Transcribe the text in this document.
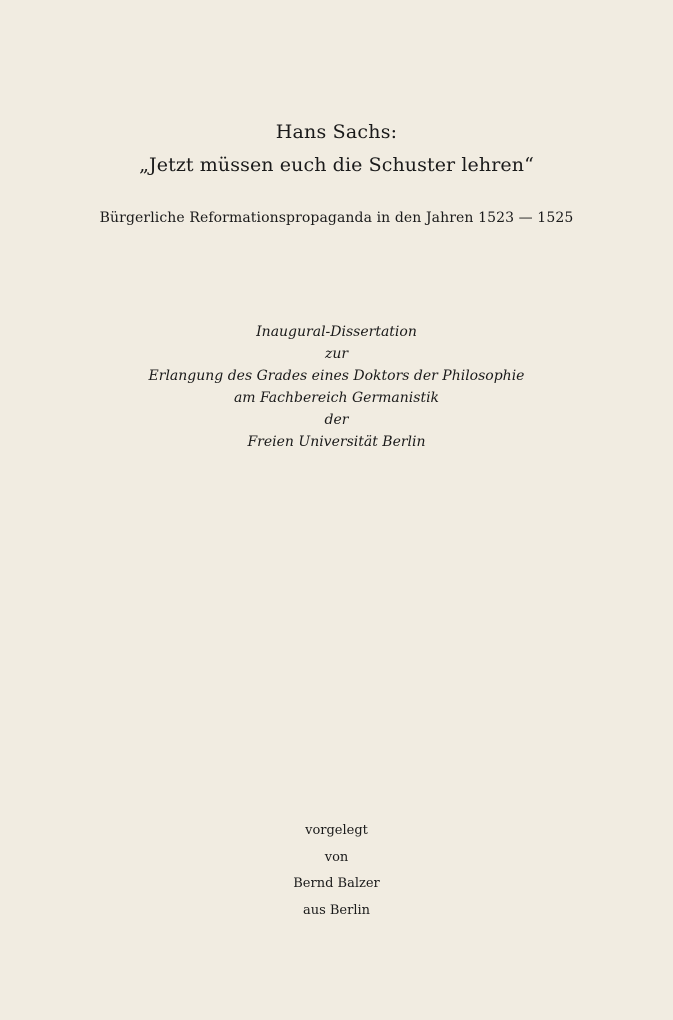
Hans Sachs:
„Jetzt müssen euch die Schuster lehren“
Bürgerliche Reformationspropaganda in den Jahren 1523 — 1525
Inaugural-Dissertation
zur
Erlangung des Grades eines Doktors der Philosophie
am Fachbereich Germanistik
der
Freien Universität Berlin
vorgelegt
von
Bernd Balzer
aus Berlin
